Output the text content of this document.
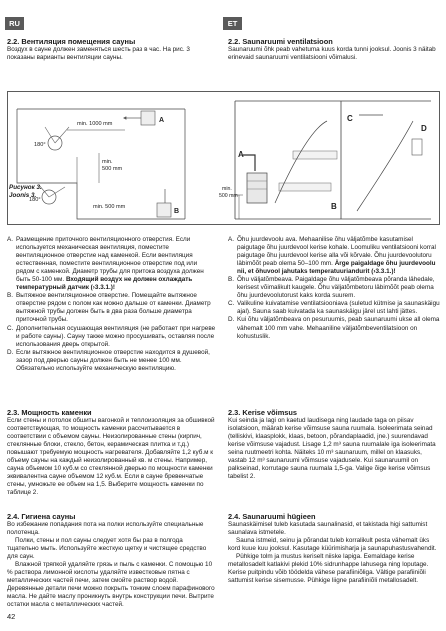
RU	ET

2.2. Вентиляция помещения сауны

Воздух в сауне должен заменяться шесть раз в час. На рис. 3 показаны варианты вентиляции сауны.

2.2. Saunaruumi ventilatsioon

Saunaruumi õhk peab vahetuma kuus korda tunni jooksul. Joonis 3 näitab erinevaid saunaruumi ventilatsiooni võimalusi.

min. 1000 mm
180°
min.
500 mm
180°
min. 500 mm
A
B
A
B
C
D
min.
500 mm
Рисунок 3.
Joonis 3.
A. Размещение приточного вентиляционного отверстия. Если используется механическая вентиляция, поместите вентиляционное отверстие над каменкой. Если вентиляция естественная, поместите вентиляционное отверстие под или рядом с каменкой. Диаметр трубы для притока воздуха должен быть 50-100 мм. Входящий воздух не должен охлаждать температурный датчик (›3.3.1.)!
B. Вытяжное вентиляционное отверстие. Помещайте вытяжное отверстие рядом с полом как можно дальше от каменки. Диаметр вытяжной трубы должен быть в два раза больше диаметра приточной трубы.
C. Дополнительная осушающая вентиляция (не работает при нагреве и работе сауны). Сауну также можно просушивать, оставляя после использования дверь открытой.
D. Если вытяжное вентиляционное отверстие находится в душевой, зазор под дверью сауны должен быть не менее 100 мм. Обязательно используйте механическую вентиляцию.
A. Õhu juurdevoolu ava. Mehaanilise õhu väljatõmbe kasutamisel paigutage õhu juurdevool kerise kohale. Loomuliku ventilatsiooni korral paigutage õhu juurdevool kerise alla või kõrvale. Õhu juurdevoolutoru läbimõõt peab olema 50–100 mm. Ärge paigaldage õhu juurdevoolu nii, et õhuvool jahutaks temperatuuriandurit (›3.3.1.)!
B. Õhu väljatõmbeava. Paigaldage õhu väljatõmbeava põranda lähedale, kerisest võimalikult kaugele. Õhu väljatõmbetoru läbimõõt peab olema õhu juurdevoolutorust kaks korda suurem.
C. Valikuline kuivatamise ventilatsiooniava (suletud kütmise ja saunaskäigu ajal). Sauna saab kuivatada ka saunaskäigu järel ust lahti jättes.
D. Kui õhu väljatõmbeava on pesuruumis, peab saunaruumi ukse all olema vähemalt 100 mm vahe. Mehaaniline väljatõmbeventilatsioon on kohustuslik.

2.3. Мощность каменки

Если стены и потолок обшиты вагонкой и теплоизоляция за обшивкой соответствующая, то мощность каменки рассчитывается в соответствии с объемом сауны. Неизолированные стены (кирпич, стеклянные блоки, стекло, бетон, керамическая плитка и т.д.) повышают требуемую мощность нагревателя. Добавляйте 1,2 куб.м к объему сауны на каждый неизолированный кв. м стены. Например, сауна объемом 10 куб.м со стеклянной дверью по мощности каменки эквивалентна сауне объемом 12 куб.м. Если в сауне бревенчатые стены, умножьте ее объем на 1,5. Выберите мощность каменки по таблице 2.

2.3. Kerise võimsus

Kui seinda ja lagi on kaetud laudisega ning laudade taga on piisav isolatsioon, määrab kerise võimsuse sauna ruumala. Isoleerimata seinad (telliskivi, klaasplokk, klaas, betoon, põrandaplaadid, jne.) suurendavad kerise võimsuse vajadust. Lisage 1,2 m³ sauna ruumalale iga isoleerimata seina ruutmeetri kohta. Näiteks 10 m³ saunaruum, millel on klaasuks, vastab 12 m³ saunaruumi võimsuse vajadusele. Kui saunaruumil on palkseinad, korrutage sauna ruumala 1,5-ga. Valige õige kerise võimsus tabelist 2.

2.4. Гигиена сауны

Во избежание попадания пота на полки используйте специальные полотенца.

Полки, стены и пол сауны следует хотя бы раз в полгода тщательно мыть. Используйте жесткую щетку и чистящее средство для саун.

Влажной тряпкой удаляйте грязь и пыль с каменки. С помощью 10 % раствора лимонной кислоты удаляйте известковые пятна с металлических частей печи, затем смойте раствор водой. Деревянные детали печи можно покрыть тонким слоем парафинового масла. Не дайте маслу проникнуть внутрь конструкции печи. Вытрите остатки масла с металлических частей.

2.4. Saunaruumi hügieen

Saunaskäimisel tuleb kasutada saunalinasid, et takistada higi sattumist saunalava istmetele.

Sauna istmeid, seinu ja põrandat tuleb korralikult pesta vähemalt üks kord kuue kuu jooksul. Kasutage küürimisharja ja saunapuhastusvahendit.

Pühkige tolm ja mustus keriselt niiske lapiga. Eemaldage kerise metallosadelt katlakivi plekid 10% sidrunhappe lahusega ning loputage. Kerise puitpindu võib töödelda vähese parafiiniõliga. Vältige parafiiniõli sattumist kerise sisemusse. Pühkige liigne parafiiniõli metallosadelt.

42
